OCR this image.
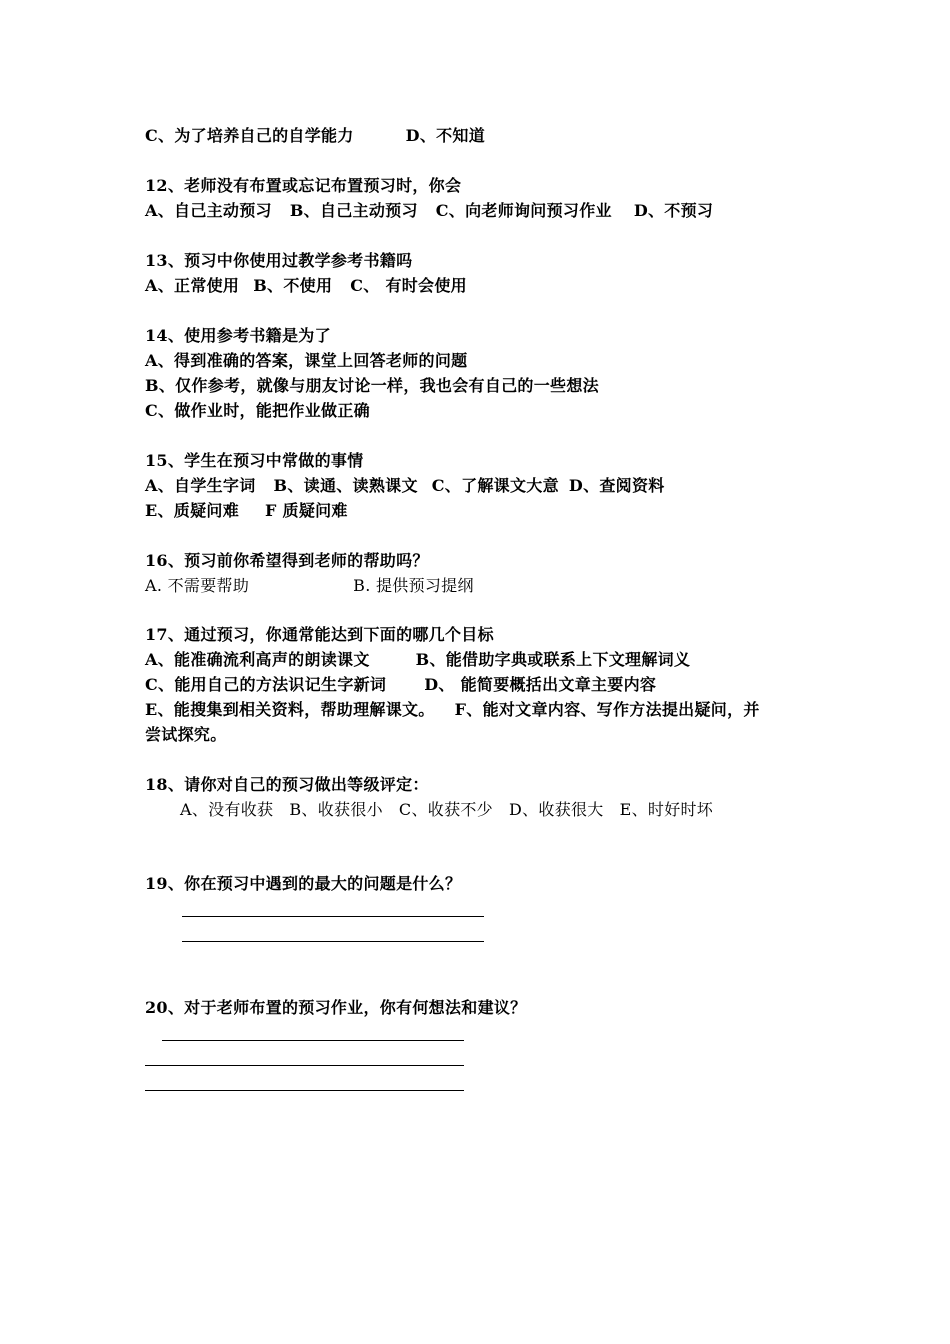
C、为了培养自己的自学能力	D、不知道
12、老师没有布置或忘记布置预习时，你会
A、自己主动预习 B、自己主动预习 C、向老师询问预习作业 D、不预习
13、预习中你使用过教学参考书籍吗
A、正常使用 B、不使用 C、 有时会使用
14、使用参考书籍是为了
A、得到准确的答案，课堂上回答老师的问题
B、仅作参考，就像与朋友讨论一样，我也会有自己的一些想法
C、做作业时，能把作业做正确
15、学生在预习中常做的事情
A、自学生字词 B、读通、读熟课文 C、了解课文大意 D、查阅资料
E、质疑问难 F 质疑问难
16、预习前你希望得到老师的帮助吗？
A. 不需要帮助	B. 提供预习提纲
17、通过预习，你通常能达到下面的哪几个目标
A、能准确流利高声的朗读课文	B、能借助字典或联系上下文理解词义
C、能用自己的方法识记生字新词 D、 能简要概括出文章主要内容
E、能搜集到相关资料，帮助理解课文。 F、能对文章内容、写作方法提出疑问，并
尝试探究。
18、请你对自己的预习做出等级评定：
A、没有收获 B、收获很小 C、收获不少 D、收获很大 E、时好时坏
19、你在预习中遇到的最大的问题是什么？
20、对于老师布置的预习作业，你有何想法和建议？
